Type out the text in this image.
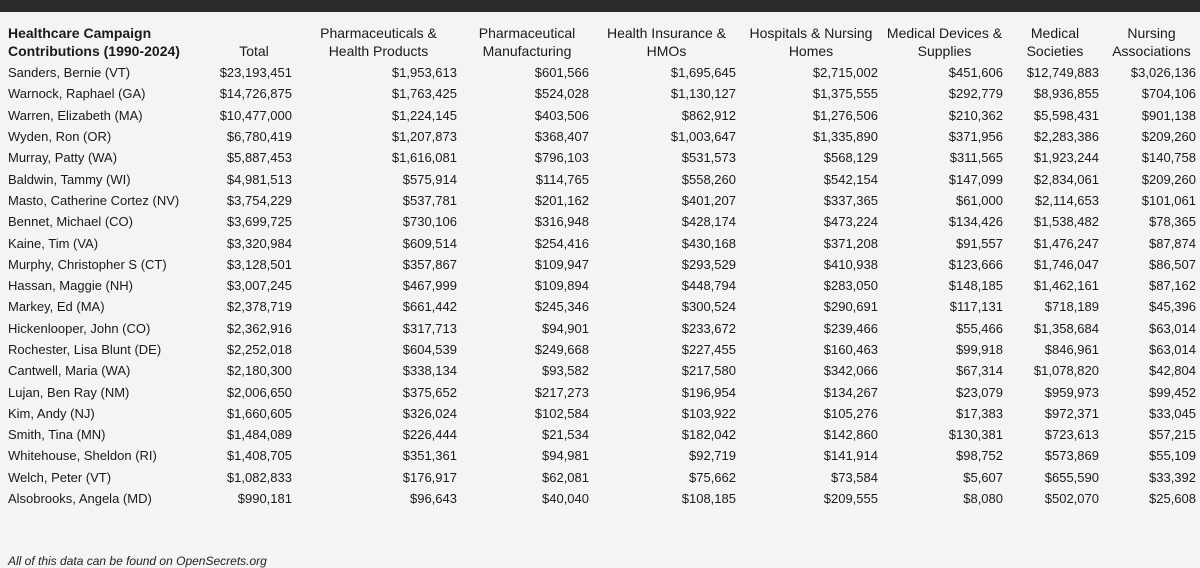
Healthcare Campaign Contributions (1990-2024)	Total	Pharmaceuticals & Health Products	Pharmaceutical Manufacturing	Health Insurance & HMOs	Hospitals & Nursing Homes	Medical Devices & Supplies	Medical Societies	Nursing Associations
Sanders, Bernie (VT)	$23,193,451	$1,953,613	$601,566	$1,695,645	$2,715,002	$451,606	$12,749,883	$3,026,136
Warnock, Raphael (GA)	$14,726,875	$1,763,425	$524,028	$1,130,127	$1,375,555	$292,779	$8,936,855	$704,106
Warren, Elizabeth (MA)	$10,477,000	$1,224,145	$403,506	$862,912	$1,276,506	$210,362	$5,598,431	$901,138
Wyden, Ron (OR)	$6,780,419	$1,207,873	$368,407	$1,003,647	$1,335,890	$371,956	$2,283,386	$209,260
Murray, Patty (WA)	$5,887,453	$1,616,081	$796,103	$531,573	$568,129	$311,565	$1,923,244	$140,758
Baldwin, Tammy (WI)	$4,981,513	$575,914	$114,765	$558,260	$542,154	$147,099	$2,834,061	$209,260
Masto, Catherine Cortez (NV)	$3,754,229	$537,781	$201,162	$401,207	$337,365	$61,000	$2,114,653	$101,061
Bennet, Michael (CO)	$3,699,725	$730,106	$316,948	$428,174	$473,224	$134,426	$1,538,482	$78,365
Kaine, Tim (VA)	$3,320,984	$609,514	$254,416	$430,168	$371,208	$91,557	$1,476,247	$87,874
Murphy, Christopher S (CT)	$3,128,501	$357,867	$109,947	$293,529	$410,938	$123,666	$1,746,047	$86,507
Hassan, Maggie (NH)	$3,007,245	$467,999	$109,894	$448,794	$283,050	$148,185	$1,462,161	$87,162
Markey, Ed (MA)	$2,378,719	$661,442	$245,346	$300,524	$290,691	$117,131	$718,189	$45,396
Hickenlooper, John (CO)	$2,362,916	$317,713	$94,901	$233,672	$239,466	$55,466	$1,358,684	$63,014
Rochester, Lisa Blunt (DE)	$2,252,018	$604,539	$249,668	$227,455	$160,463	$99,918	$846,961	$63,014
Cantwell, Maria (WA)	$2,180,300	$338,134	$93,582	$217,580	$342,066	$67,314	$1,078,820	$42,804
Lujan, Ben Ray (NM)	$2,006,650	$375,652	$217,273	$196,954	$134,267	$23,079	$959,973	$99,452
Kim, Andy (NJ)	$1,660,605	$326,024	$102,584	$103,922	$105,276	$17,383	$972,371	$33,045
Smith, Tina (MN)	$1,484,089	$226,444	$21,534	$182,042	$142,860	$130,381	$723,613	$57,215
Whitehouse, Sheldon (RI)	$1,408,705	$351,361	$94,981	$92,719	$141,914	$98,752	$573,869	$55,109
Welch, Peter (VT)	$1,082,833	$176,917	$62,081	$75,662	$73,584	$5,607	$655,590	$33,392
Alsobrooks, Angela (MD)	$990,181	$96,643	$40,040	$108,185	$209,555	$8,080	$502,070	$25,608
All of this data can be found on OpenSecrets.org
